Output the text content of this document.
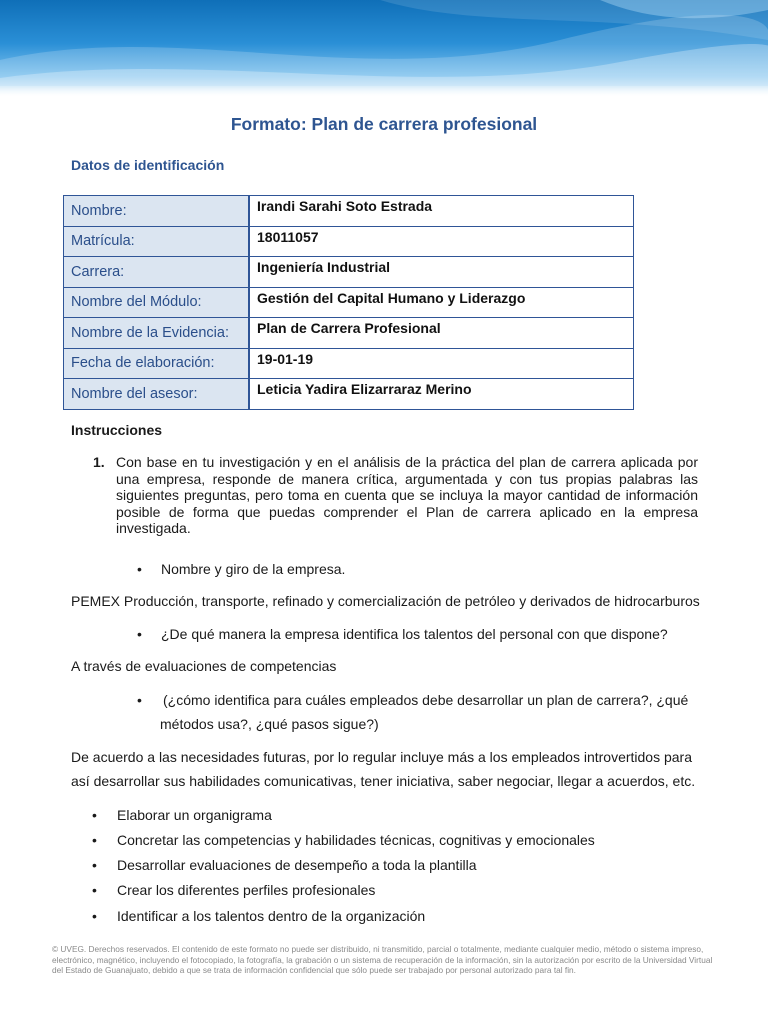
Formato: Plan de carrera profesional
Datos de identificación
Nombre:	Irandi Sarahi Soto Estrada
Matrícula:	18011057
Carrera:	Ingeniería Industrial
Nombre del Módulo:	Gestión del Capital Humano y Liderazgo
Nombre de la Evidencia:	Plan de Carrera Profesional
Fecha de elaboración:	19-01-19
Nombre del asesor:	Leticia Yadira Elizarraraz Merino
Instrucciones
1. Con base en tu investigación y en el análisis de la práctica del plan de carrera aplicada por una empresa, responde de manera crítica, argumentada y con tus propias palabras las siguientes preguntas, pero toma en cuenta que se incluya la mayor cantidad de información posible de forma que puedas comprender el Plan de carrera aplicado en la empresa investigada.
• Nombre y giro de la empresa.
PEMEX Producción, transporte, refinado y comercialización de petróleo y derivados de hidrocarburos
• ¿De qué manera la empresa identifica los talentos del personal con que dispone?
A través de evaluaciones de competencias
• (¿cómo identifica para cuáles empleados debe desarrollar un plan de carrera?, ¿qué
métodos usa?, ¿qué pasos sigue?)
De acuerdo a las necesidades futuras, por lo regular incluye más a los empleados introvertidos para
así desarrollar sus habilidades comunicativas, tener iniciativa, saber negociar, llegar a acuerdos, etc.
• Elaborar un organigrama
• Concretar las competencias y habilidades técnicas, cognitivas y emocionales
• Desarrollar evaluaciones de desempeño a toda la plantilla
• Crear los diferentes perfiles profesionales
• Identificar a los talentos dentro de la organización
© UVEG. Derechos reservados. El contenido de este formato no puede ser distribuido, ni transmitido, parcial o totalmente, mediante cualquier medio, método o sistema impreso, electrónico, magnético, incluyendo el fotocopiado, la fotografía, la grabación o un sistema de recuperación de la información, sin la autorización por escrito de la Universidad Virtual del Estado de Guanajuato, debido a que se trata de información confidencial que sólo puede ser trabajado por personal autorizado para tal fin.
